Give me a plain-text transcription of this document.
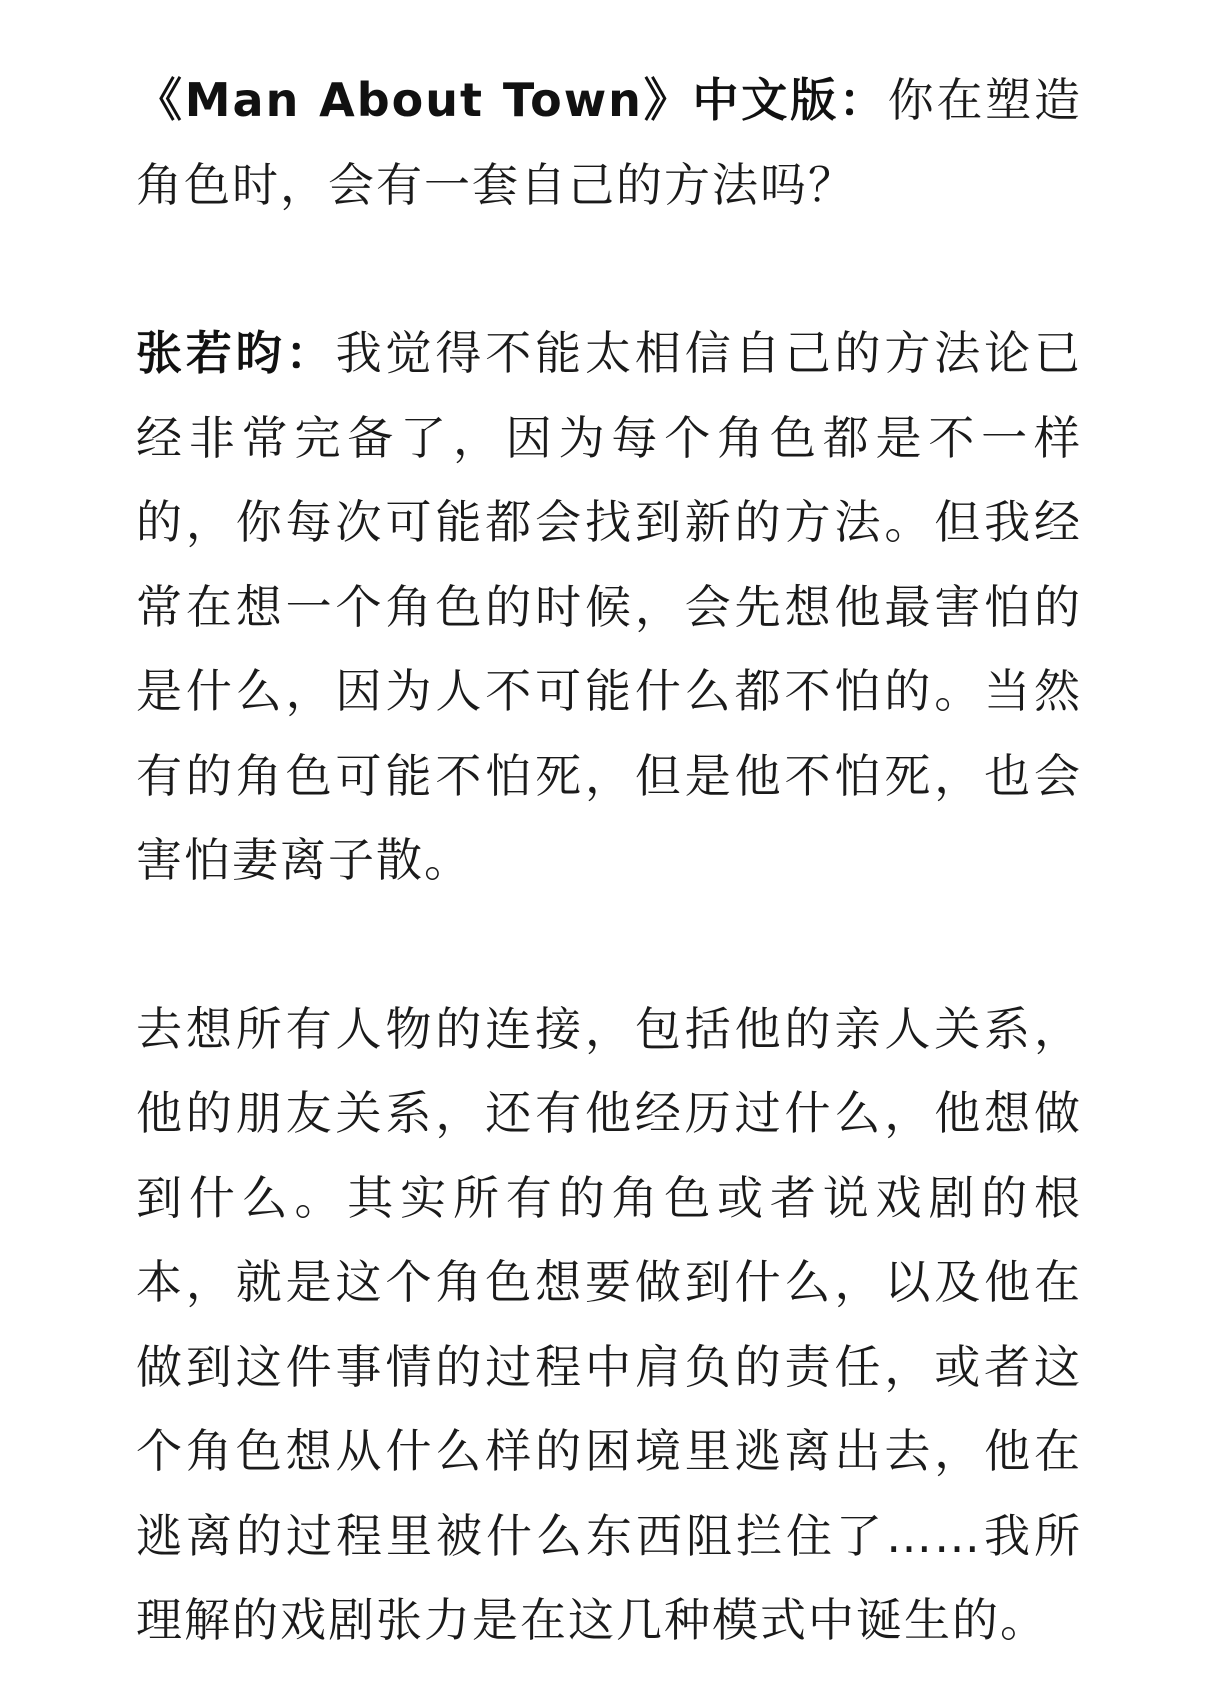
《Man About Town》中文版：你在塑造角色时，会有一套自己的方法吗？

张若昀：我觉得不能太相信自己的方法论已经非常完备了，因为每个角色都是不一样的，你每次可能都会找到新的方法。但我经常在想一个角色的时候，会先想他最害怕的是什么，因为人不可能什么都不怕的。当然有的角色可能不怕死，但是他不怕死，也会害怕妻离子散。

去想所有人物的连接，包括他的亲人关系，他的朋友关系，还有他经历过什么，他想做到什么。其实所有的角色或者说戏剧的根本，就是这个角色想要做到什么，以及他在做到这件事情的过程中肩负的责任，或者这个角色想从什么样的困境里逃离出去，他在逃离的过程里被什么东西阻拦住了……我所理解的戏剧张力是在这几种模式中诞生的。
